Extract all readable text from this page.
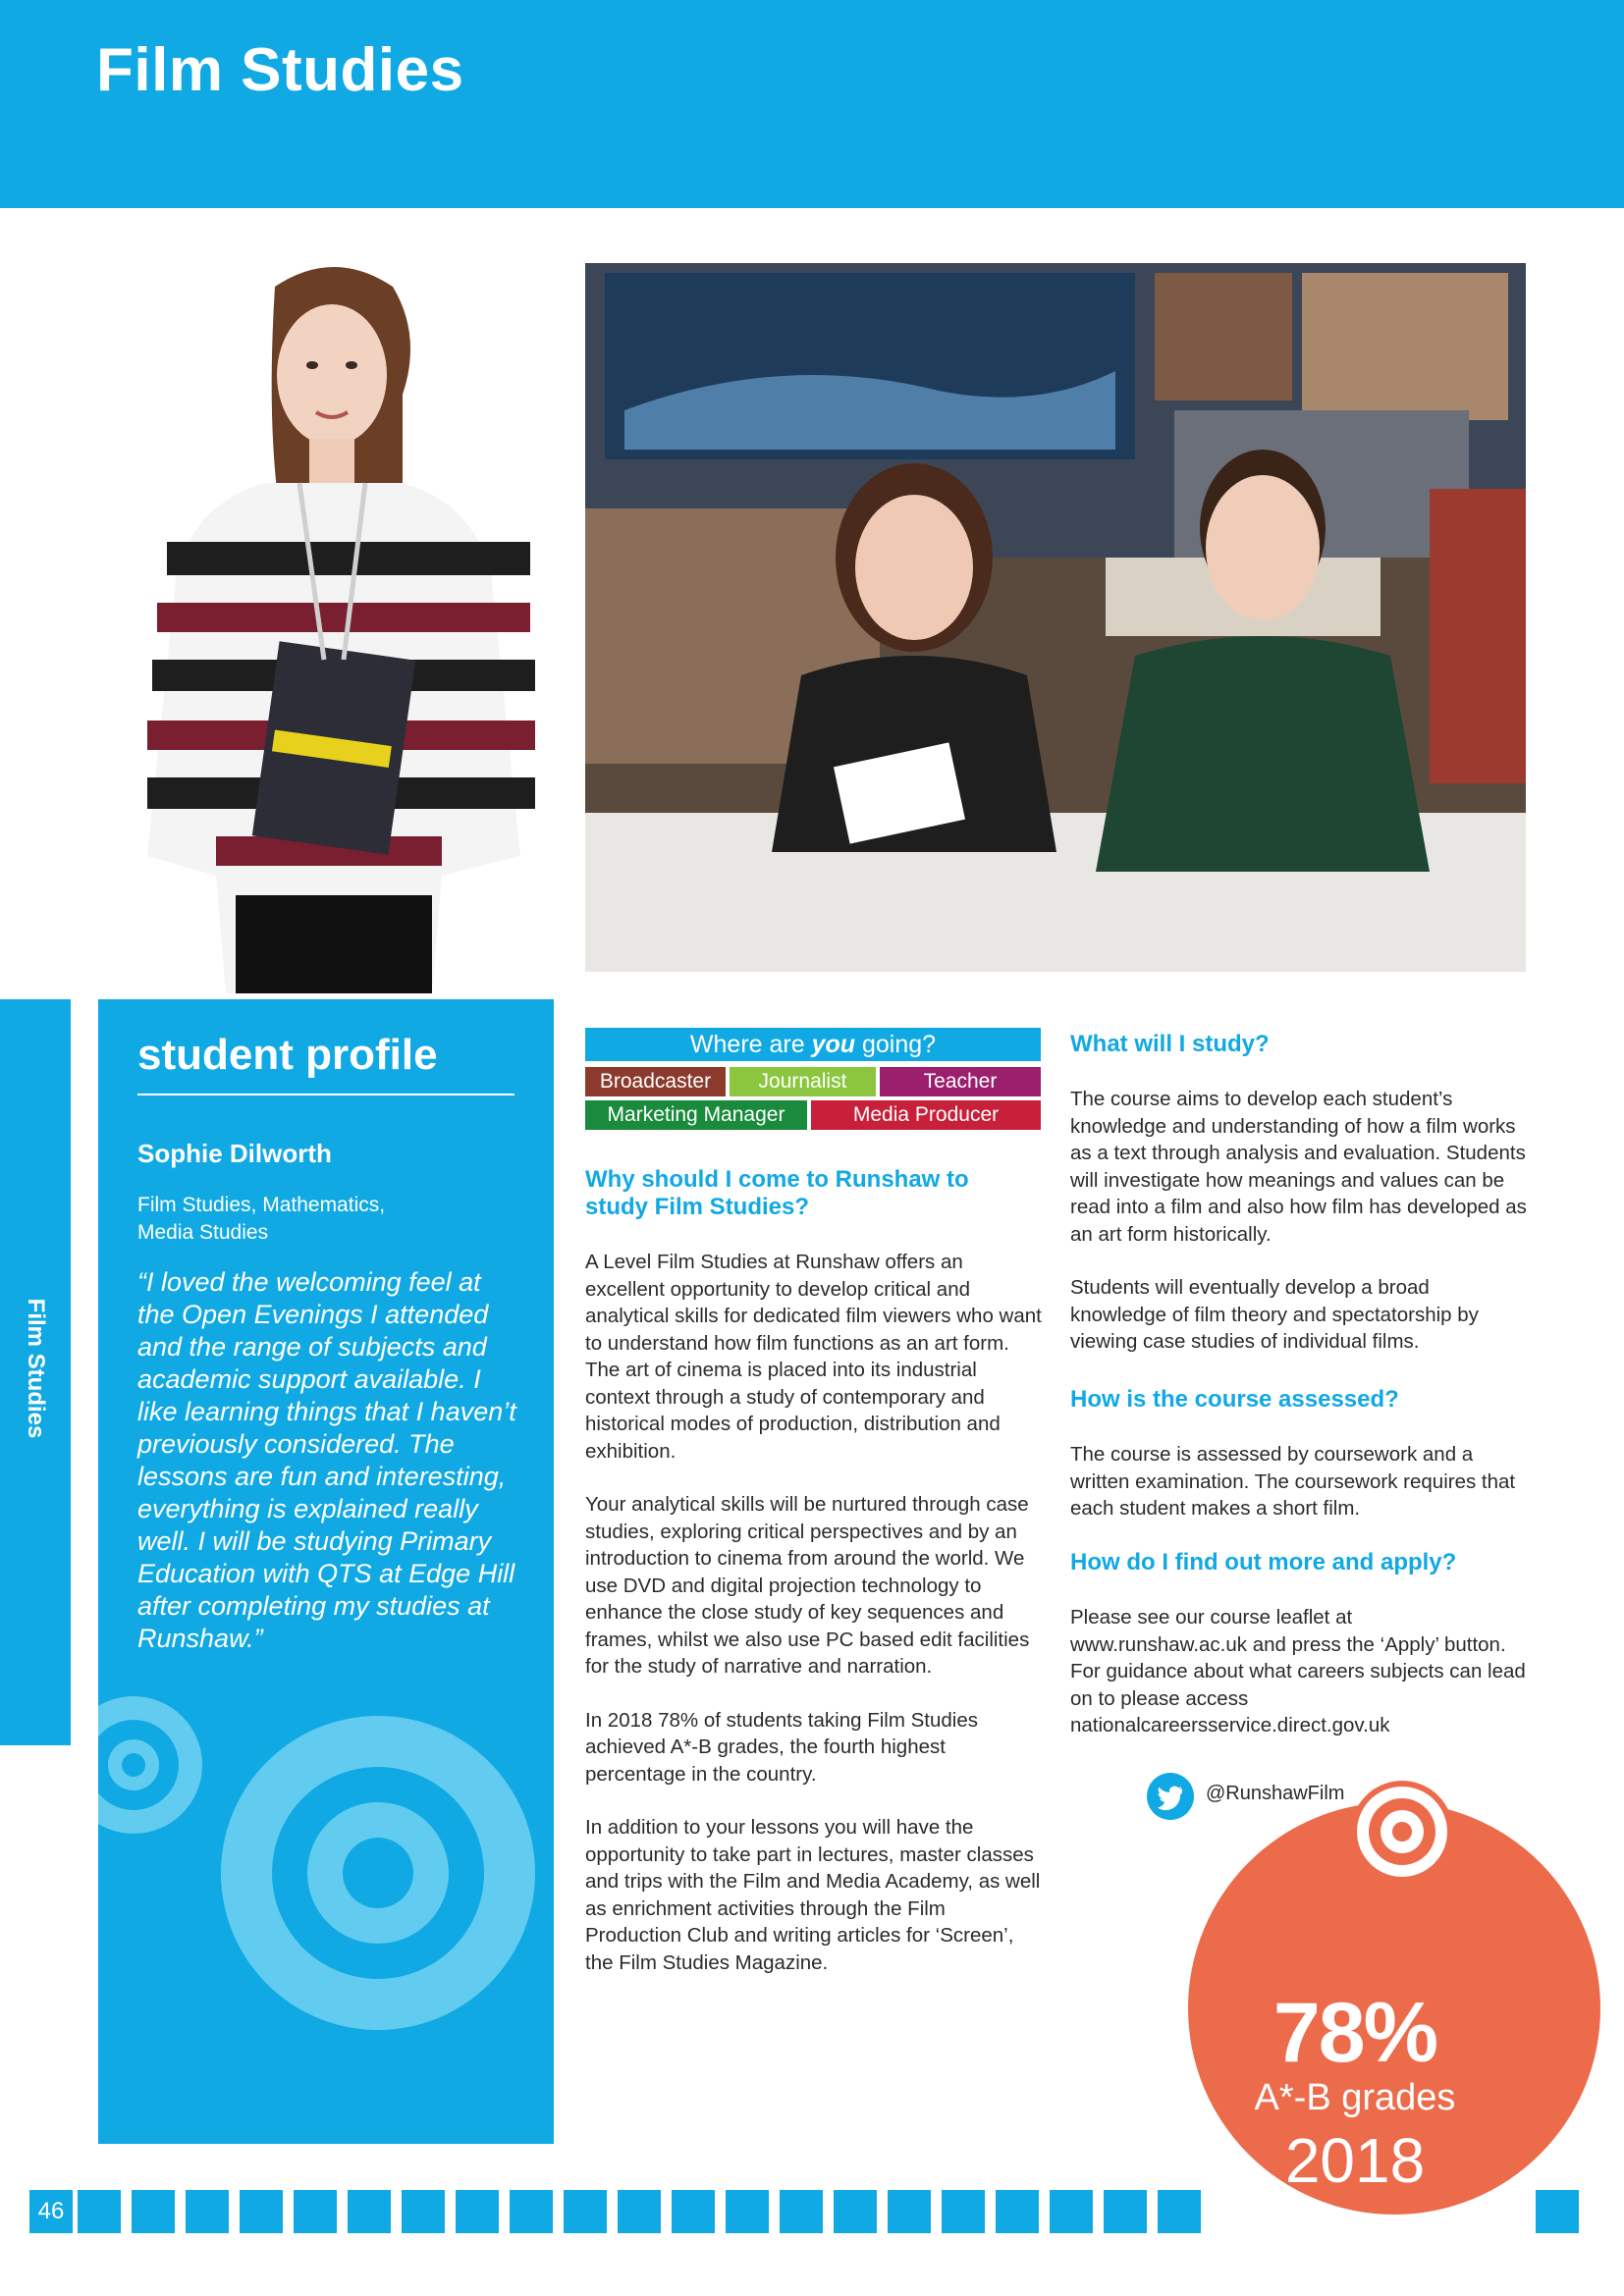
Film Studies
Film Studies
student profile
Sophie Dilworth
Film Studies, Mathematics, Media Studies
“I loved the welcoming feel at the Open Evenings I attended and the range of subjects and academic support available. I like learning things that I haven’t previously considered. The lessons are fun and interesting, everything is explained really well. I will be studying Primary Education with QTS at Edge Hill after completing my studies at Runshaw.”
Where are you going?
Broadcaster	Journalist	Teacher
Marketing Manager	Media Producer
Why should I come to Runshaw to study Film Studies?

A Level Film Studies at Runshaw offers an excellent opportunity to develop critical and analytical skills for dedicated film viewers who want to understand how film functions as an art form. The art of cinema is placed into its industrial context through a study of contemporary and historical modes of production, distribution and exhibition.

Your analytical skills will be nurtured through case studies, exploring critical perspectives and by an introduction to cinema from around the world. We use DVD and digital projection technology to enhance the close study of key sequences and frames, whilst we also use PC based edit facilities for the study of narrative and narration.

In 2018 78% of students taking Film Studies achieved A*-B grades, the fourth highest percentage in the country.

In addition to your lessons you will have the opportunity to take part in lectures, master classes and trips with the Film and Media Academy, as well as enrichment activities through the Film Production Club and writing articles for ‘Screen’, the Film Studies Magazine.

What will I study?

The course aims to develop each student’s knowledge and understanding of how a film works as a text through analysis and evaluation. Students will investigate how meanings and values can be read into a film and also how film has developed as an art form historically.

Students will eventually develop a broad knowledge of film theory and spectatorship by viewing case studies of individual films.

How is the course assessed?

The course is assessed by coursework and a written examination. The coursework requires that each student makes a short film.

How do I find out more and apply?

Please see our course leaflet at www.runshaw.ac.uk and press the ‘Apply’ button. For guidance about what careers subjects can lead on to please access nationalcareersservice.direct.gov.uk

@RunshawFilm
78%
A*-B grades
2018
46
